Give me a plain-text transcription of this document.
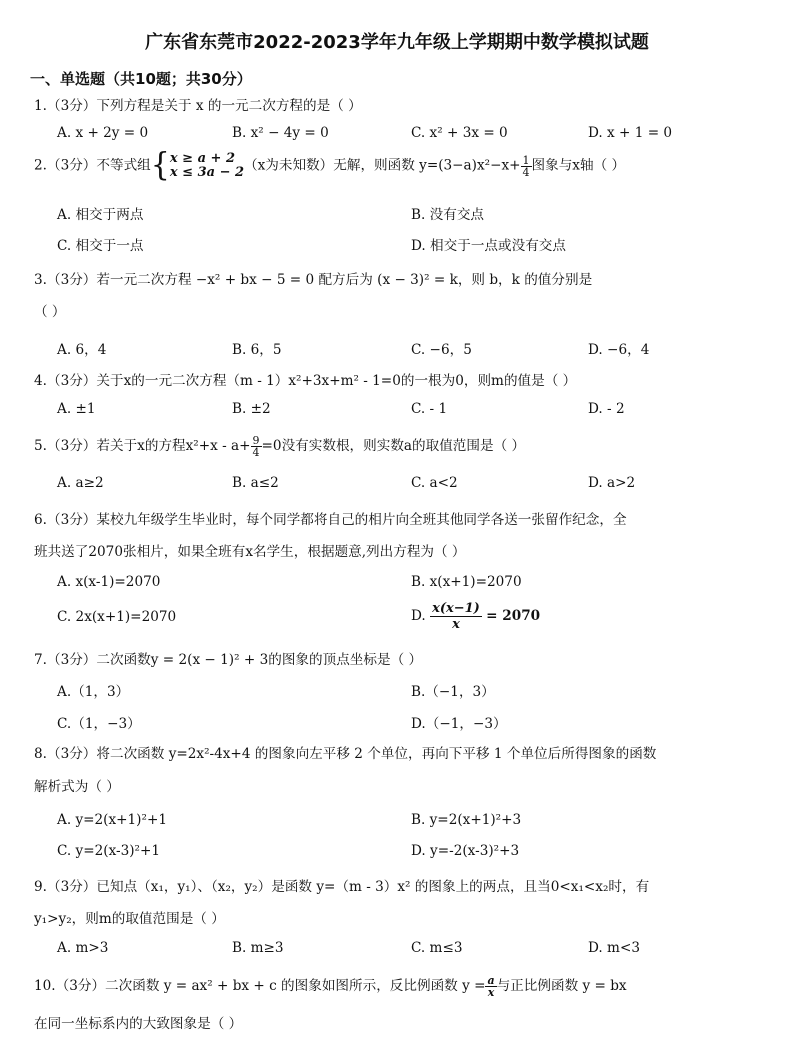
广东省东莞市2022-2023学年九年级上学期期中数学模拟试题
一、单选题（共10题；共30分）
1.（3分）下列方程是关于 x 的一元二次方程的是（ ）
A. x + 2y = 0	B. x² − 4y = 0	C. x² + 3x = 0	D. x + 1 = 0
2.（3分）不等式组{ x ≥ a + 2
x ≤ 3a − 2 （x为未知数）无解，则函数 $y=(3-a)x^2-x+ \frac{1}{4}$ 图象与x轴（ ）
A. 相交于两点	B. 没有交点
C. 相交于一点	D. 相交于一点或没有交点
3.（3分）若一元二次方程 −x² + bx − 5 = 0 配方后为 (x − 3)² = k，则 b，k 的值分别是
（ ）
A. 6，4	B. 6，5	C. −6，5	D. −6，4
4.（3分）关于x的一元二次方程（m - 1）x²+3x+m² - 1=0的一根为0，则m的值是（ ）
A. ±1	B. ±2	C. - 1	D. - 2
5.（3分）若关于x的方程$x^2+x - a+ \frac{9}{4} =0$没有实数根，则实数a的取值范围是（ ）
A. a≥2	B. a≤2	C. a<2	D. a>2
6.（3分）某校九年级学生毕业时，每个同学都将自己的相片向全班其他同学各送一张留作纪念，全
班共送了2070张相片，如果全班有x名学生，根据题意,列出方程为（ ）
A. x(x-1)=2070	B. x(x+1)=2070
C. 2x(x+1)=2070	D. $\frac{x(x-1)}{x} = 2070$
7.（3分）二次函数y = 2(x − 1)² + 3的图象的顶点坐标是（ ）
A.（1，3）	B.（−1，3）
C.（1，−3）	D.（−1，−3）
8.（3分）将二次函数 y=2x²-4x+4 的图象向左平移 2 个单位，再向下平移 1 个单位后所得图象的函数
解析式为（ ）
A. y=2(x+1)²+1	B. y=2(x+1)²+3
C. y=2(x-3)²+1	D. y=-2(x-3)²+3
9.（3分）已知点（x₁，y₁）、（x₂，y₂）是函数 y=（m - 3）x² 的图象上的两点，且当0<x₁<x₂时，有
y₁>y₂，则m的取值范围是（ ）
A. m>3	B. m≥3	C. m≤3	D. m<3
10.（3分）二次函数 y = ax² + bx + c 的图象如图所示，反比例函数 $y = \frac{a}{x}$ 与正比例函数 y = bx
在同一坐标系内的大致图象是（ ）
